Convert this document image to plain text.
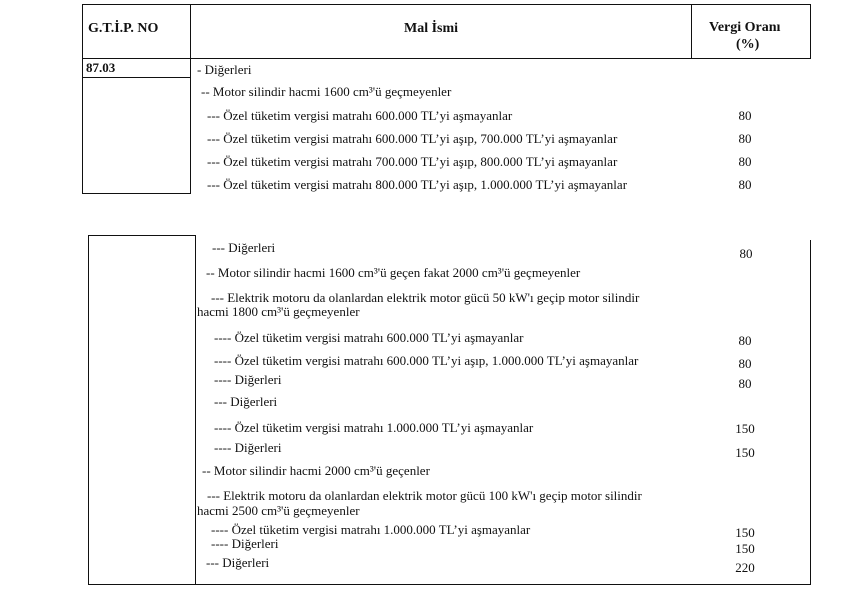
G.T.İ.P. NO	Mal İsmi	Vergi Oranı
(%)
87.03	- Diğerleri
-- Motor silindir hacmi 1600 cm³'ü geçmeyenler
--- Özel tüketim vergisi matrahı 600.000 TL’yi aşmayanlar	80
--- Özel tüketim vergisi matrahı 600.000 TL’yi aşıp, 700.000 TL’yi aşmayanlar	80
--- Özel tüketim vergisi matrahı 700.000 TL’yi aşıp, 800.000 TL’yi aşmayanlar	80
--- Özel tüketim vergisi matrahı 800.000 TL’yi aşıp, 1.000.000 TL’yi aşmayanlar	80
--- Diğerleri	80
-- Motor silindir hacmi 1600 cm³'ü geçen fakat 2000 cm³'ü geçmeyenler
--- Elektrik motoru da olanlardan elektrik motor gücü 50 kW'ı geçip motor silindir
hacmi 1800 cm³'ü geçmeyenler
---- Özel tüketim vergisi matrahı 600.000 TL’yi aşmayanlar	80
---- Özel tüketim vergisi matrahı 600.000 TL’yi aşıp, 1.000.000 TL’yi aşmayanlar	80
---- Diğerleri	80
--- Diğerleri
---- Özel tüketim vergisi matrahı 1.000.000 TL’yi aşmayanlar	150
---- Diğerleri	150
-- Motor silindir hacmi 2000 cm³'ü geçenler
--- Elektrik motoru da olanlardan elektrik motor gücü 100 kW'ı geçip motor silindir
hacmi 2500 cm³'ü geçmeyenler
---- Özel tüketim vergisi matrahı 1.000.000 TL’yi aşmayanlar	150
---- Diğerleri	150
--- Diğerleri	220
